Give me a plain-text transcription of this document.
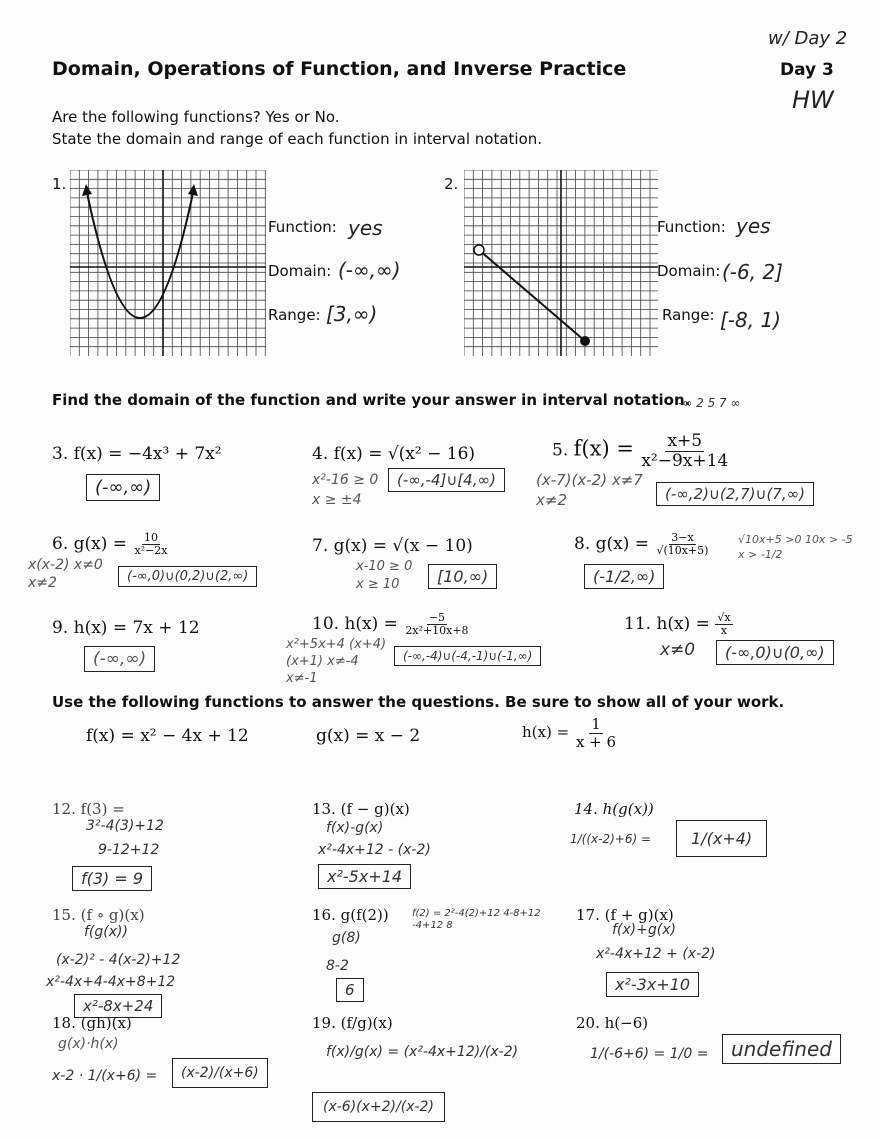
Domain, Operations of Function, and Inverse Practice	Day 3
w/ Day 2
HW
Are the following functions? Yes or No.
State the domain and range of each function in interval notation.
1.
Function: yes
Domain: (-∞,∞)
Range: [3,∞)
2.
Function: yes
Domain: (-6, 2]
Range: [-8, 1)
Find the domain of the function and write your answer in interval notation.
-∞ 2 5 7 ∞
3. f(x) = −4x³ + 7x²
(-∞,∞)
4. f(x) = √(x² − 16)
x²-16 ≥ 0 x ≥ ±4
(-∞,-4]∪[4,∞)
5. $f(x) = \frac{x+5}{\text{x²−9x+14}}$
(x-7)(x-2) x≠7 x≠2	(-∞,2)∪(2,7)∪(7,∞)
6. $g(x) = \frac{10}{\text{x²−2x}}$
x(x-2) x≠0 x≠2	(-∞,0)∪(0,2)∪(2,∞)
7. g(x) = √(x − 10)
x-10 ≥ 0 x ≥ 10	[10,∞)
8. $g(x) = \frac{3-x}{√(10x+5)}$	√10x+5 >0 10x > -5 x > -1/2
(-1/2,∞)
9. h(x) = 7x + 12
(-∞,∞)
10. $h(x) = \frac{-5}{\text{2x²+10x+8}}$
x²+5x+4 (x+4)(x+1) x≠-4 x≠-1
(-∞,-4)∪(-4,-1)∪(-1,∞)
11. $h(x) = \frac{√x}{x}$
x≠0	(-∞,0)∪(0,∞)
Use the following functions to answer the questions. Be sure to show all of your work.
f(x) = x² − 4x + 12	g(x) = x − 2	$h(x) = \frac{1}{x + 6}$
12. f(3) =
3²-4(3)+12
9-12+12
f(3) = 9
13. (f − g)(x)
f(x)-g(x)
x²-4x+12 - (x-2)
x²-5x+14
14. h(g(x))
1/((x-2)+6) =	1/(x+4)
15. (f ∘ g)(x)
f(g(x))
(x-2)² - 4(x-2)+12
x²-4x+4-4x+8+12
x²-8x+24
16. g(f(2)) f(2) = 2²-4(2)+12 4-8+12 -4+12 8
g(8)
8-2
6
17. (f + g)(x)
f(x)+g(x)
x²-4x+12 + (x-2)
x²-3x+10
18. (gh)(x)
g(x)·h(x)
x-2 · 1/(x+6) =	(x-2)/(x+6)
19. (f/g)(x)
f(x)/g(x) = (x²-4x+12)/(x-2)
(x-6)(x+2)/(x-2)
20. h(−6)
1/(-6+6) = 1/0 =	undefined
